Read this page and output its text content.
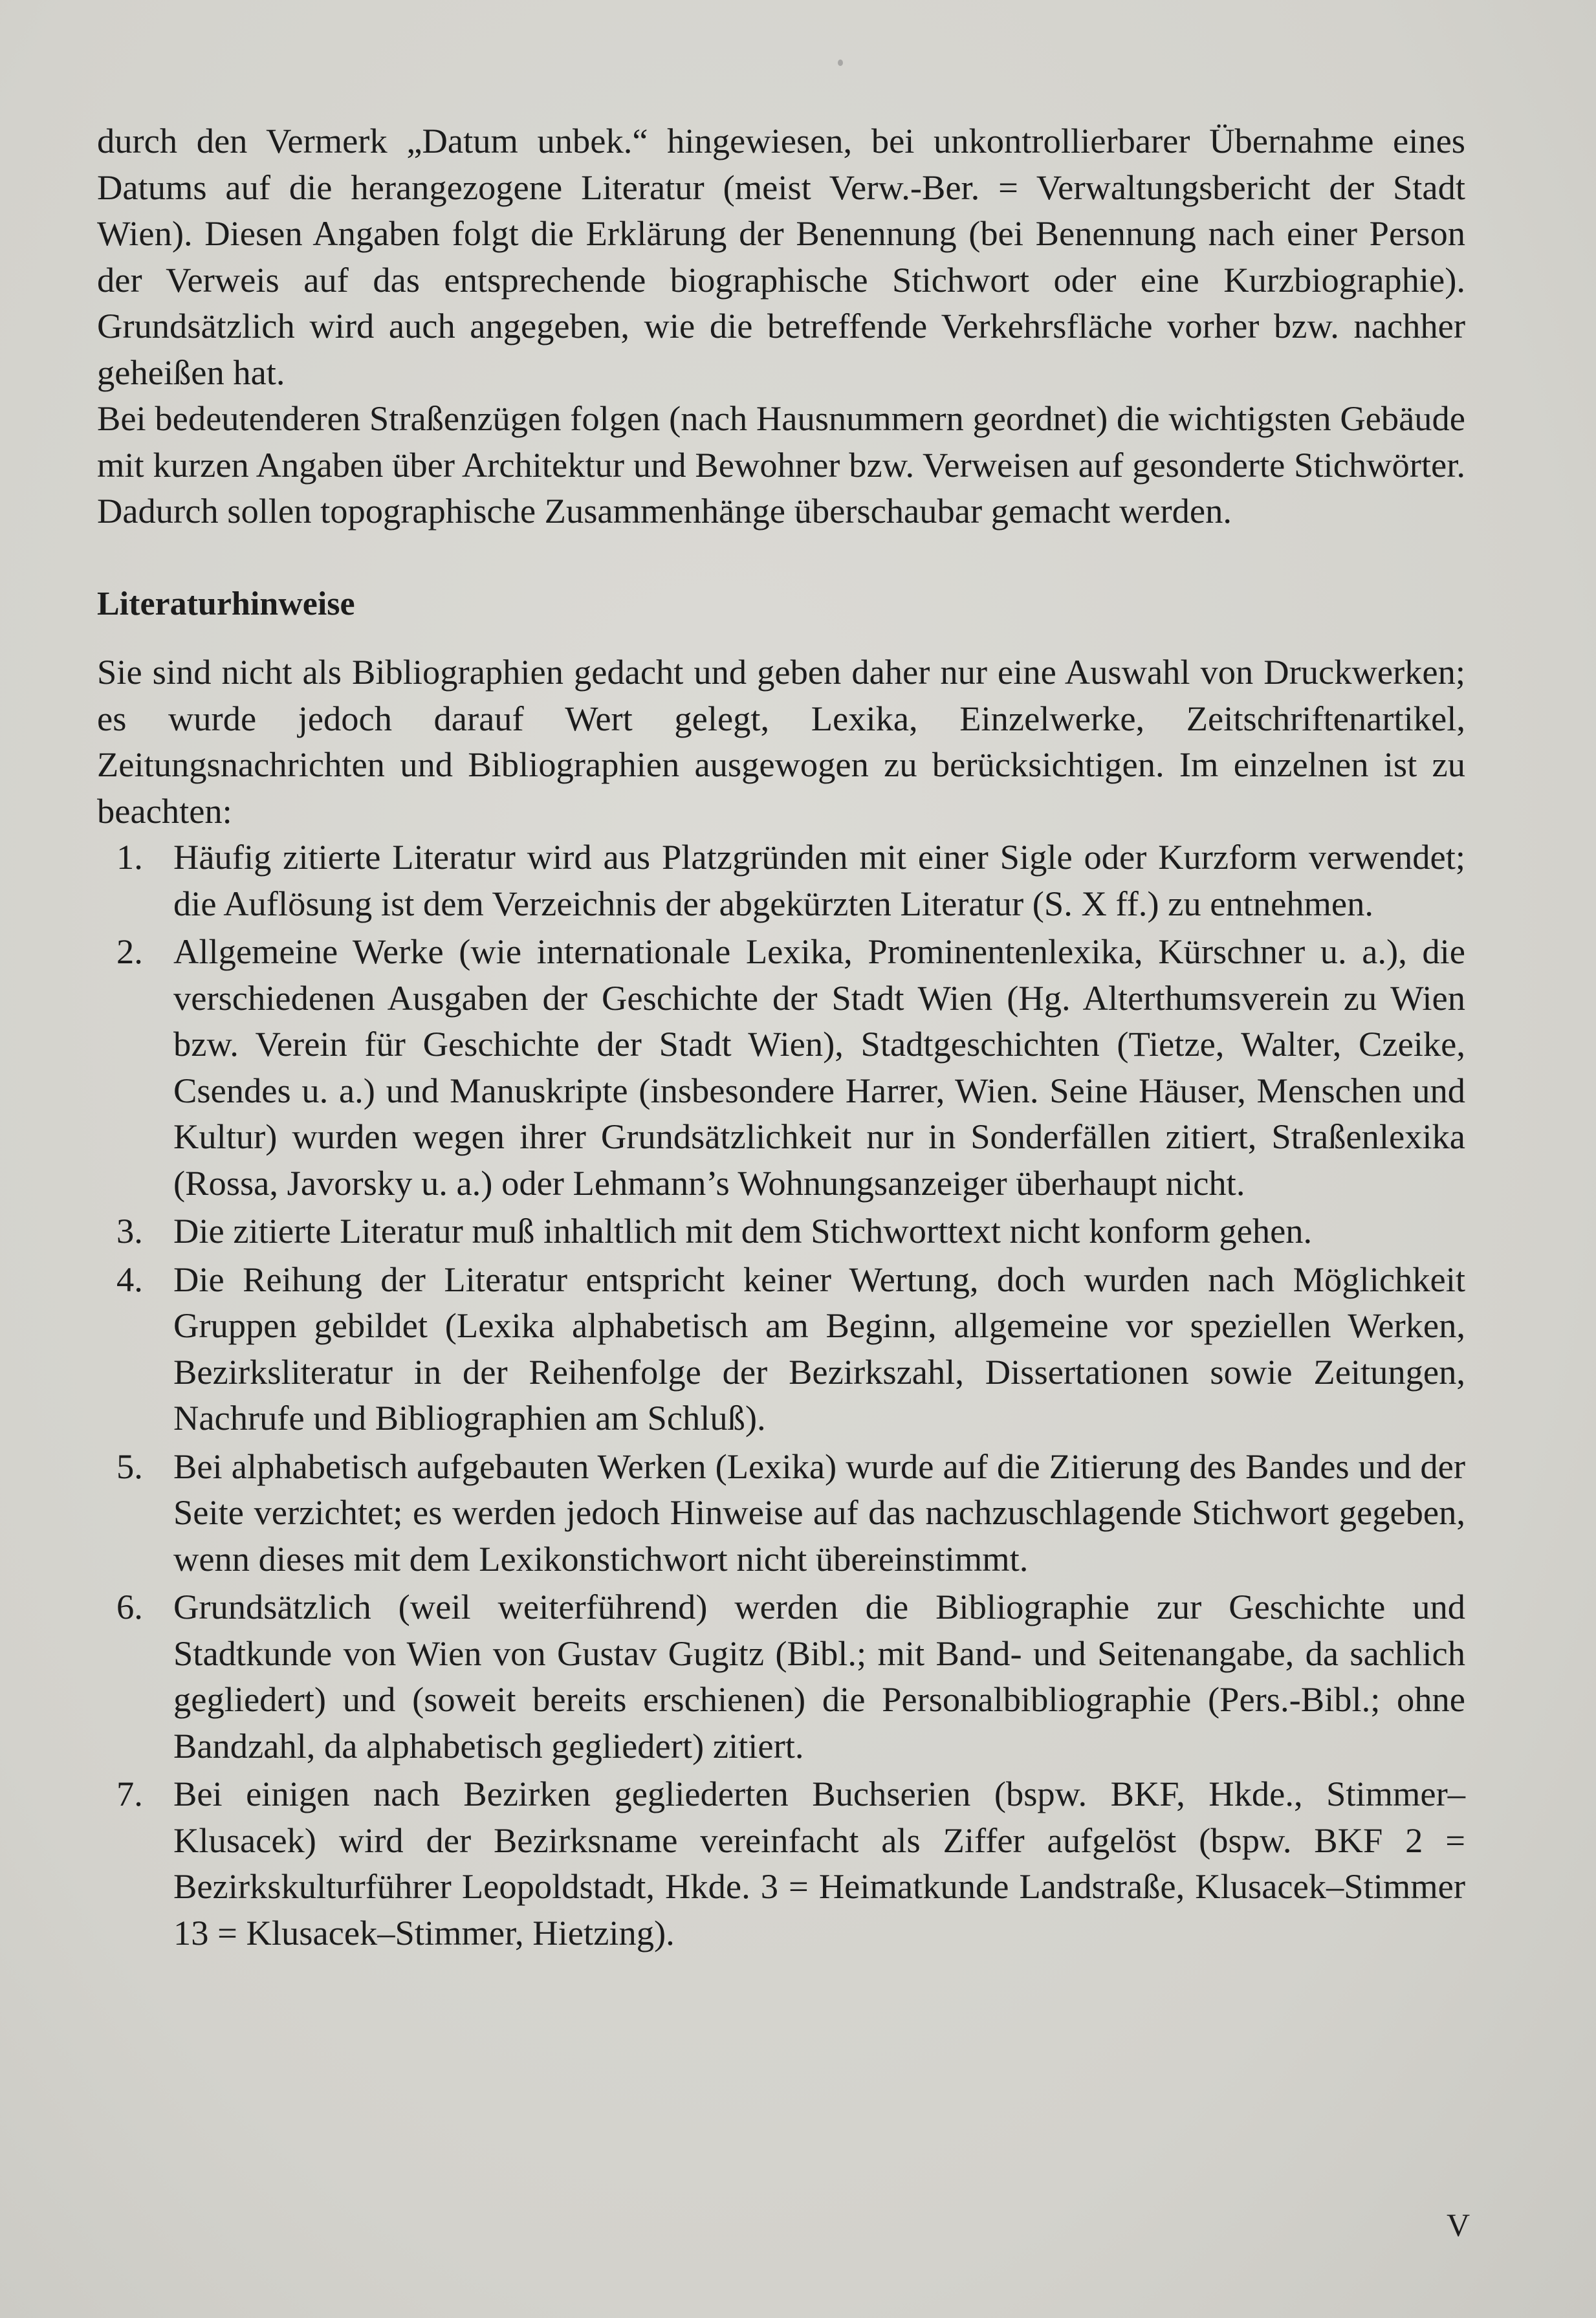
durch den Vermerk „Datum unbek.“ hingewiesen, bei unkontrollierbarer Übernahme eines Datums auf die herangezogene Literatur (meist Verw.-Ber. = Verwaltungsbericht der Stadt Wien). Diesen Angaben folgt die Erklärung der Benennung (bei Benennung nach einer Person der Verweis auf das entsprechende biographische Stichwort oder eine Kurzbiographie). Grundsätzlich wird auch angegeben, wie die betreffende Verkehrsfläche vorher bzw. nachher geheißen hat.

Bei bedeutenderen Straßenzügen folgen (nach Hausnummern geordnet) die wichtigsten Gebäude mit kurzen Angaben über Architektur und Bewohner bzw. Verweisen auf gesonderte Stichwörter. Dadurch sollen topographische Zusammenhänge überschaubar gemacht werden.

Literaturhinweise

Sie sind nicht als Bibliographien gedacht und geben daher nur eine Auswahl von Druckwerken; es wurde jedoch darauf Wert gelegt, Lexika, Einzelwerke, Zeitschriftenartikel, Zeitungsnachrichten und Bibliographien ausgewogen zu berücksichtigen. Im einzelnen ist zu beachten:

1. Häufig zitierte Literatur wird aus Platzgründen mit einer Sigle oder Kurzform verwendet; die Auflösung ist dem Verzeichnis der abgekürzten Literatur (S. X ff.) zu entnehmen.
2. Allgemeine Werke (wie internationale Lexika, Prominentenlexika, Kürschner u. a.), die verschiedenen Ausgaben der Geschichte der Stadt Wien (Hg. Alterthumsverein zu Wien bzw. Verein für Geschichte der Stadt Wien), Stadtgeschichten (Tietze, Walter, Czeike, Csendes u. a.) und Manuskripte (insbesondere Harrer, Wien. Seine Häuser, Menschen und Kultur) wurden wegen ihrer Grundsätzlichkeit nur in Sonderfällen zitiert, Straßenlexika (Rossa, Javorsky u. a.) oder Lehmann’s Wohnungsanzeiger überhaupt nicht.
3. Die zitierte Literatur muß inhaltlich mit dem Stichworttext nicht konform gehen.
4. Die Reihung der Literatur entspricht keiner Wertung, doch wurden nach Möglichkeit Gruppen gebildet (Lexika alphabetisch am Beginn, allgemeine vor speziellen Werken, Bezirksliteratur in der Reihenfolge der Bezirkszahl, Dissertationen sowie Zeitungen, Nachrufe und Bibliographien am Schluß).
5. Bei alphabetisch aufgebauten Werken (Lexika) wurde auf die Zitierung des Bandes und der Seite verzichtet; es werden jedoch Hinweise auf das nachzuschlagende Stichwort gegeben, wenn dieses mit dem Lexikonstichwort nicht übereinstimmt.
6. Grundsätzlich (weil weiterführend) werden die Bibliographie zur Geschichte und Stadtkunde von Wien von Gustav Gugitz (Bibl.; mit Band- und Seitenangabe, da sachlich gegliedert) und (soweit bereits erschienen) die Personalbibliographie (Pers.-Bibl.; ohne Bandzahl, da alphabetisch gegliedert) zitiert.
7. Bei einigen nach Bezirken gegliederten Buchserien (bspw. BKF, Hkde., Stimmer–Klusacek) wird der Bezirksname vereinfacht als Ziffer aufgelöst (bspw. BKF 2 = Bezirkskulturführer Leopoldstadt, Hkde. 3 = Heimatkunde Landstraße, Klusacek–Stimmer 13 = Klusacek–Stimmer, Hietzing).
V
